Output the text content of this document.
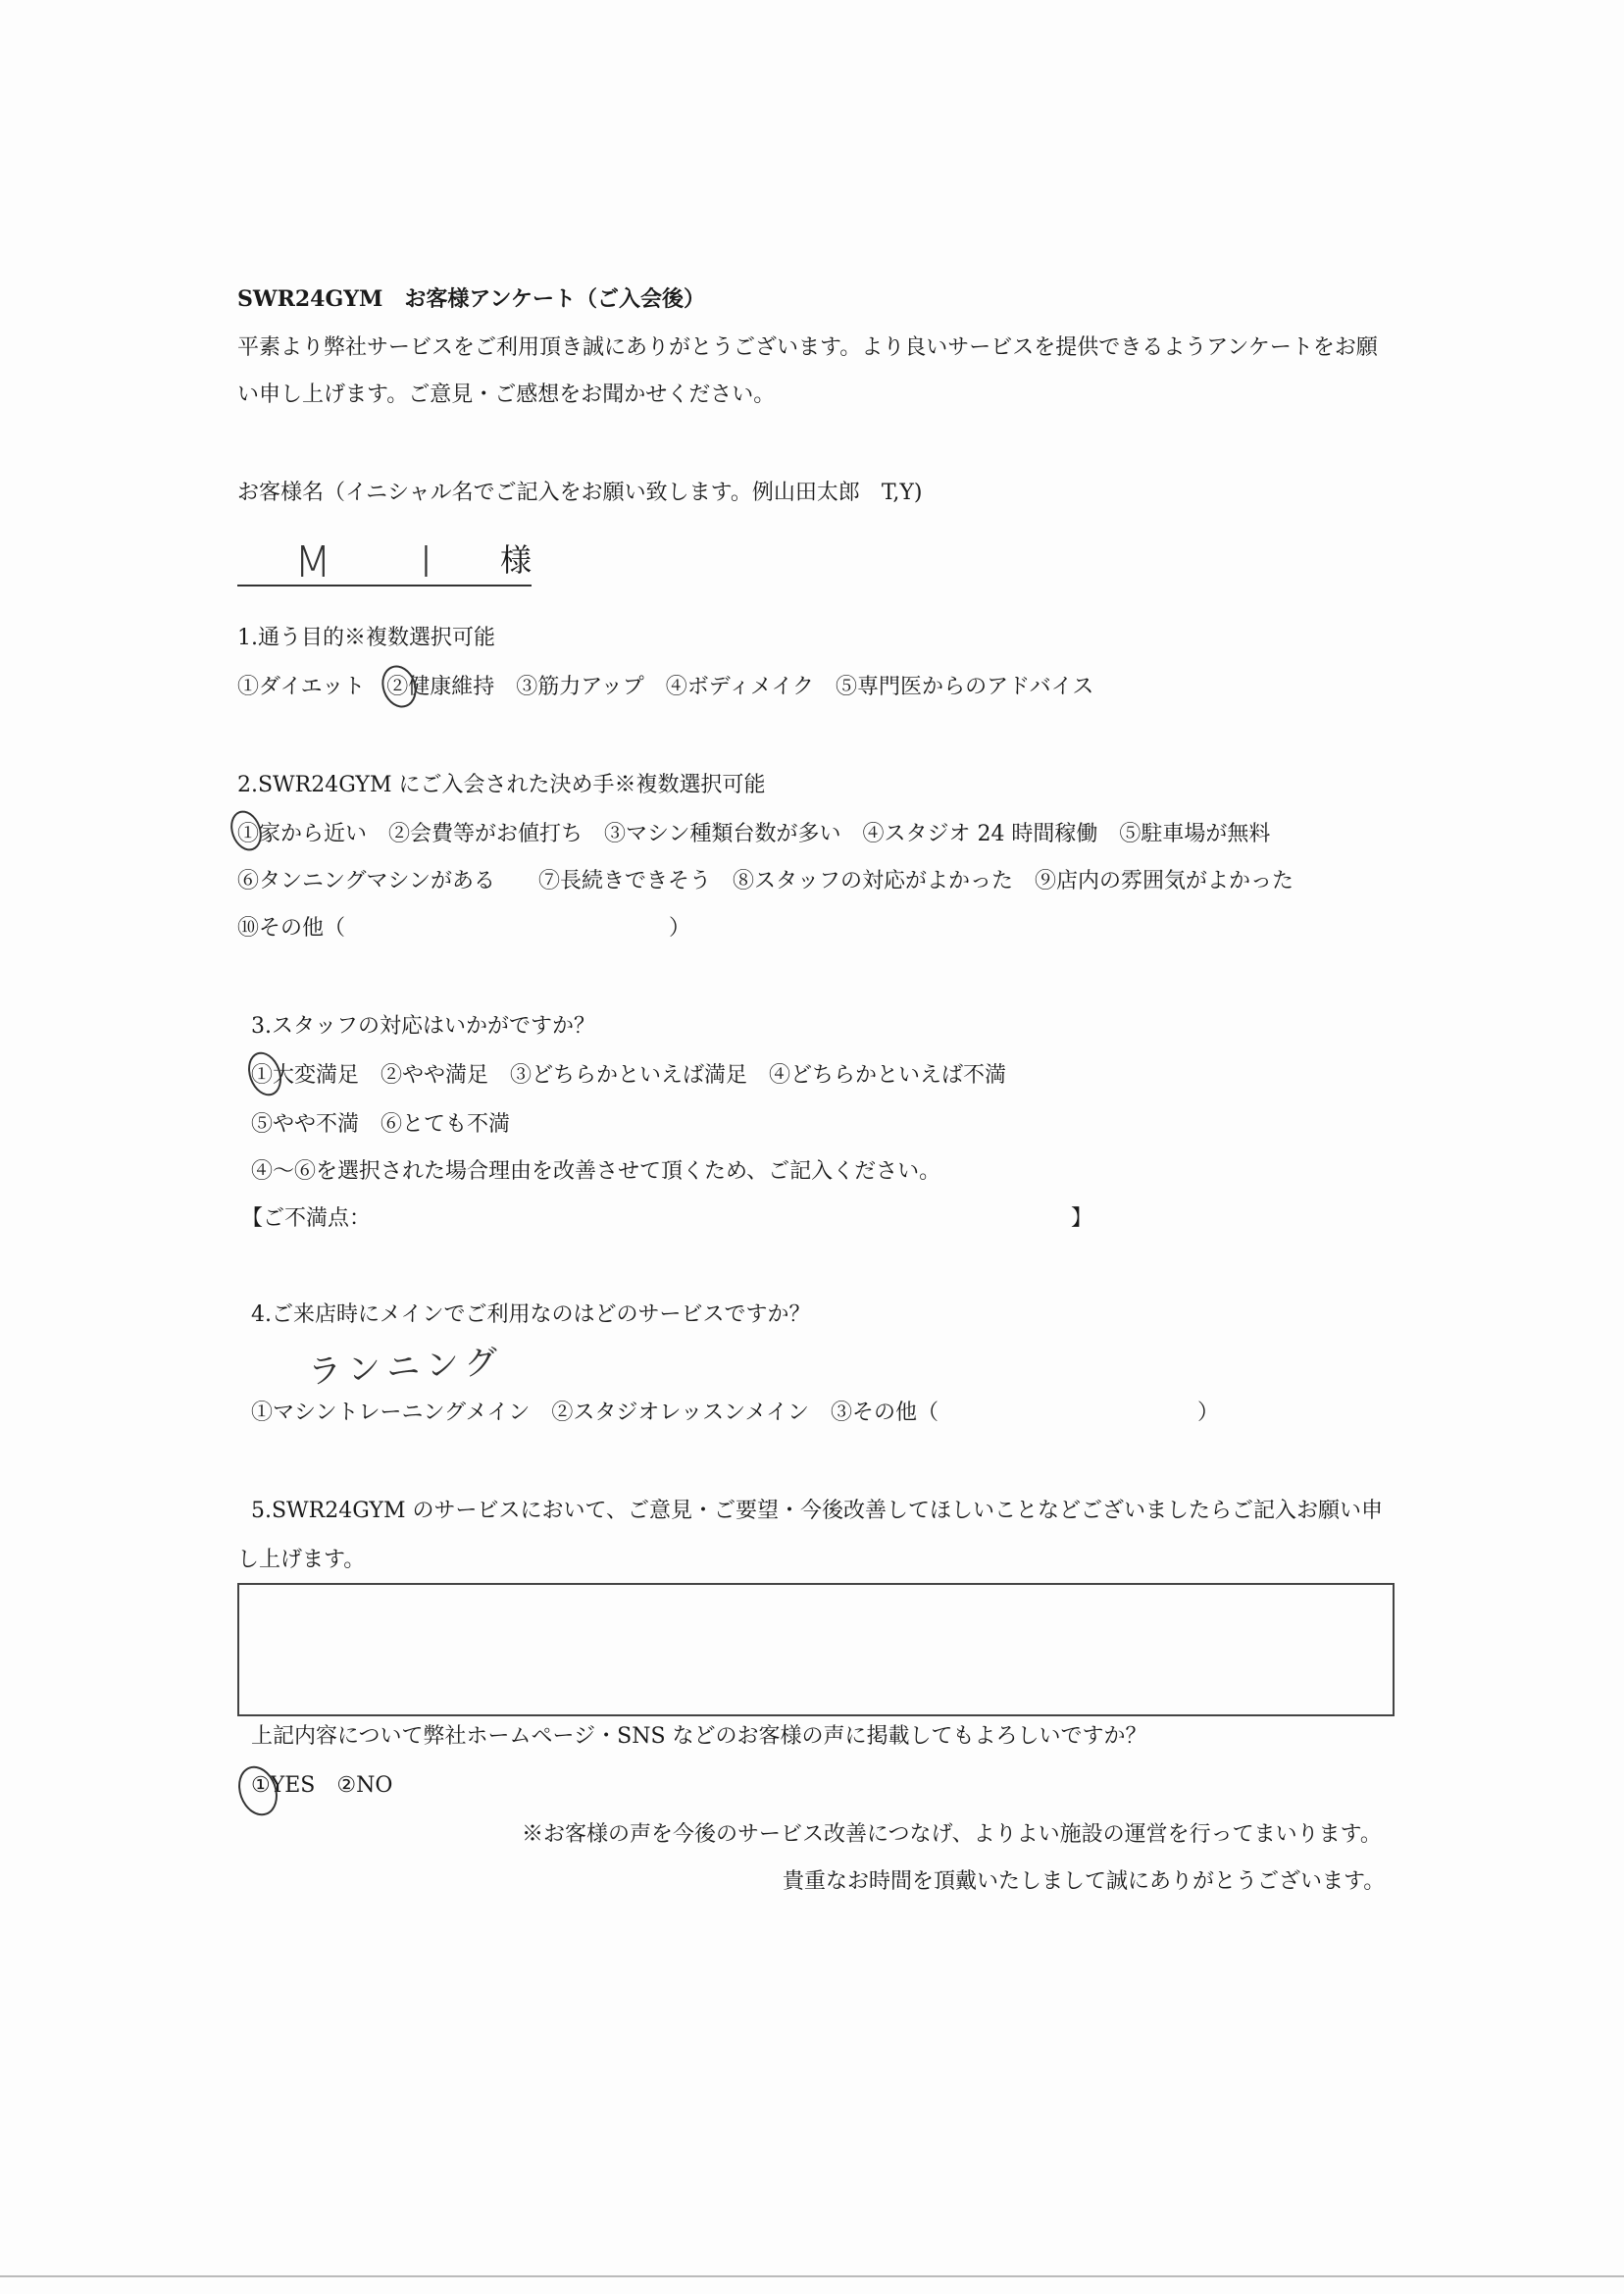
SWR24GYM　お客様アンケート（ご入会後）
平素より弊社サービスをご利用頂き誠にありがとうございます。より良いサービスを提供できるようアンケートをお願
い申し上げます。ご意見・ご感想をお聞かせください。
お客様名（イニシャル名でご記入をお願い致します。例山田太郎　T,Y)
M I 様
1.通う目的※複数選択可能
①ダイエット　②健康維持　③筋力アップ　④ボディメイク　⑤専門医からのアドバイス
2.SWR24GYM にご入会された決め手※複数選択可能
①家から近い　②会費等がお値打ち　③マシン種類台数が多い　④スタジオ 24 時間稼働　⑤駐車場が無料
⑥タンニングマシンがある　　⑦長続きできそう　⑧スタッフの対応がよかった　⑨店内の雰囲気がよかった
⑩その他（　　　　　　　　　　　　　　　）
3.スタッフの対応はいかがですか？
①大変満足　②やや満足　③どちらかといえば満足　④どちらかといえば不満
⑤やや不満　⑥とても不満
④〜⑥を選択された場合理由を改善させて頂くため、ご記入ください。
【ご不満点：	】
4.ご来店時にメインでご利用なのはどのサービスですか？
ランニング
①マシントレーニングメイン　②スタジオレッスンメイン　③その他（　　　　　　　　　　　　）
5.SWR24GYM のサービスにおいて、ご意見・ご要望・今後改善してほしいことなどございましたらご記入お願い申
し上げます。
上記内容について弊社ホームページ・SNS などのお客様の声に掲載してもよろしいですか？
①YES　②NO
※お客様の声を今後のサービス改善につなげ、よりよい施設の運営を行ってまいります。
貴重なお時間を頂戴いたしまして誠にありがとうございます。
